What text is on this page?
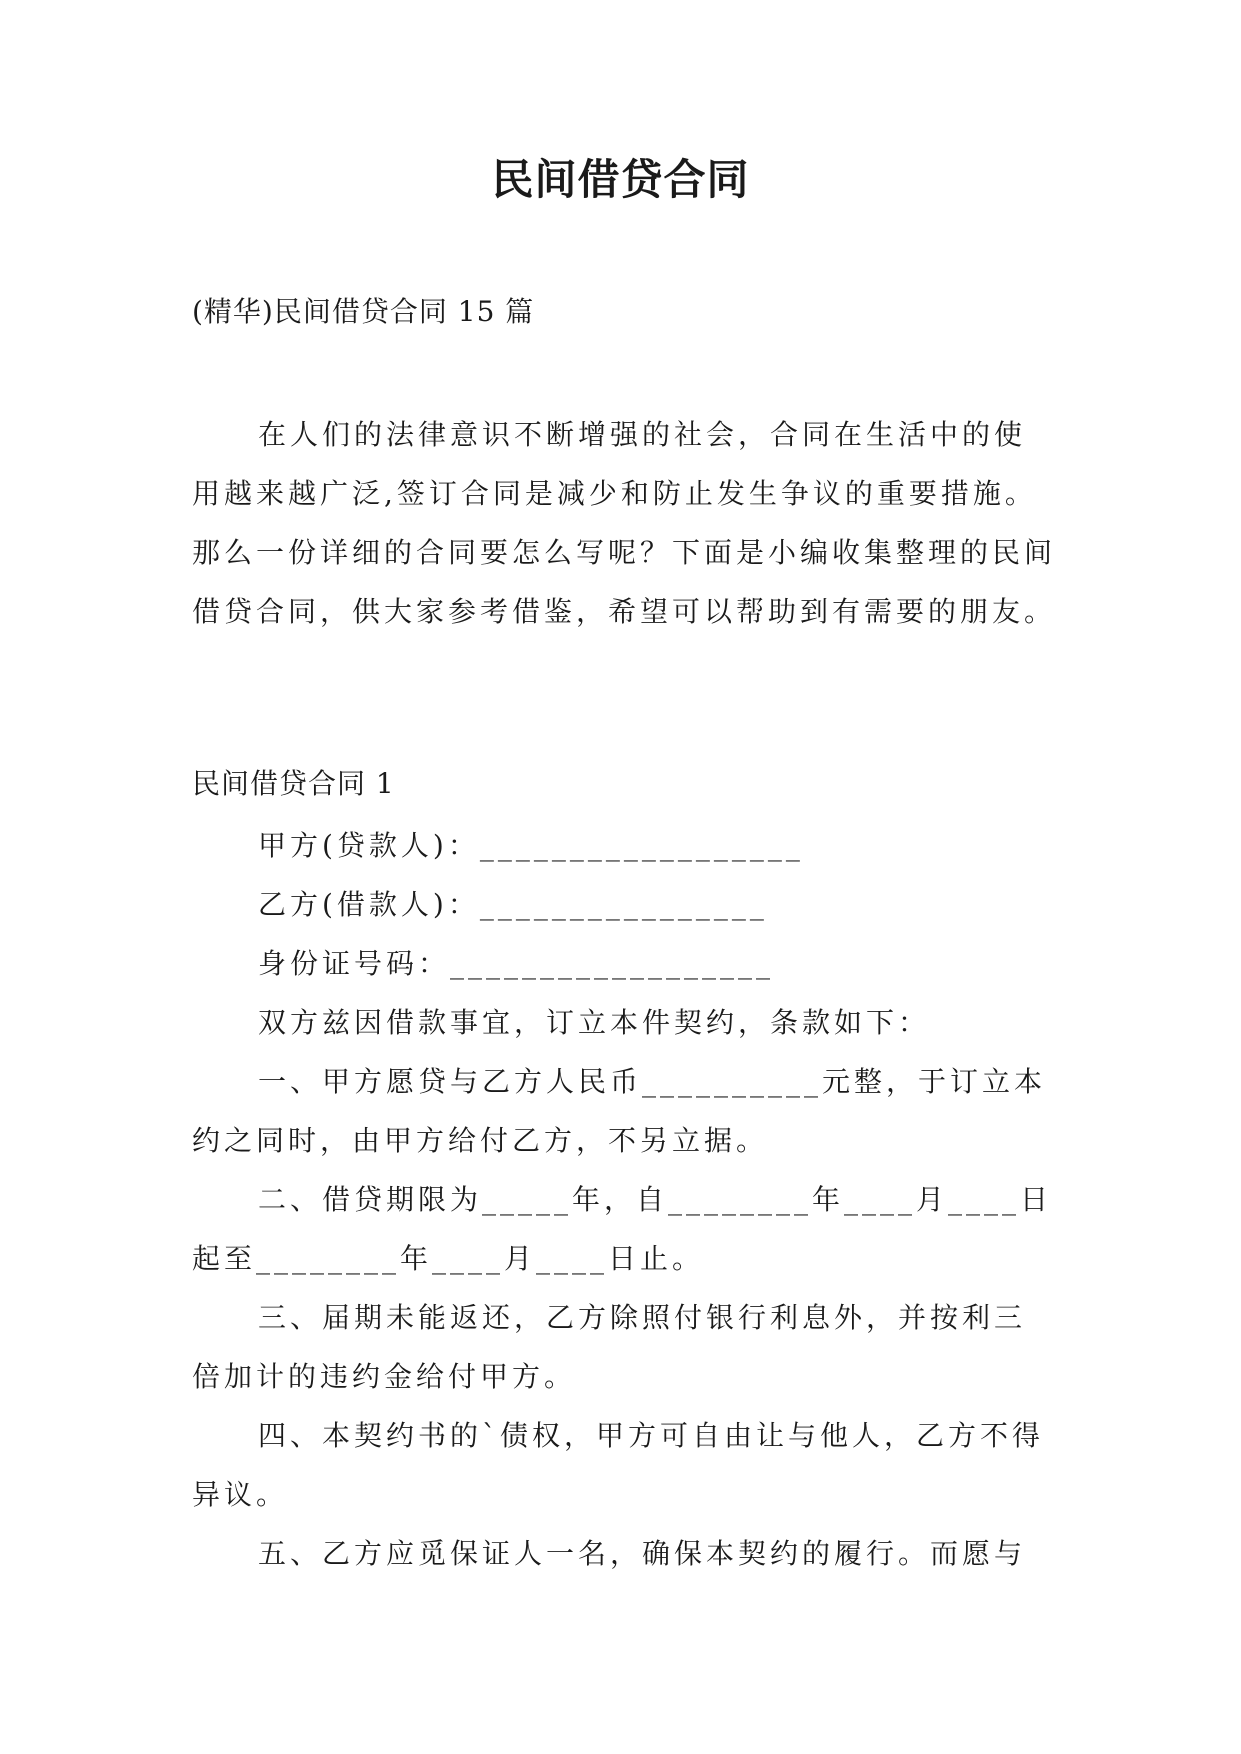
民间借贷合同
(精华)民间借贷合同 15 篇

在人们的法律意识不断增强的社会，合同在生活中的使用越来越广泛,签订合同是减少和防止发生争议的重要措施。那么一份详细的合同要怎么写呢？下面是小编收集整理的民间借贷合同，供大家参考借鉴，希望可以帮助到有需要的朋友。

民间借贷合同 1

甲方(贷款人)：__________________

乙方(借款人)：________________

身份证号码：__________________

双方兹因借款事宜，订立本件契约，条款如下：

一、甲方愿贷与乙方人民币__________元整，于订立本约之同时，由甲方给付乙方，不另立据。

二、借贷期限为_____年，自________年____月____日起至________年____月____日止。

三、届期未能返还，乙方除照付银行利息外，并按利三倍加计的违约金给付甲方。

四、本契约书的`债权，甲方可自由让与他人，乙方不得异议。

五、乙方应觅保证人一名，确保本契约的履行。而愿与
